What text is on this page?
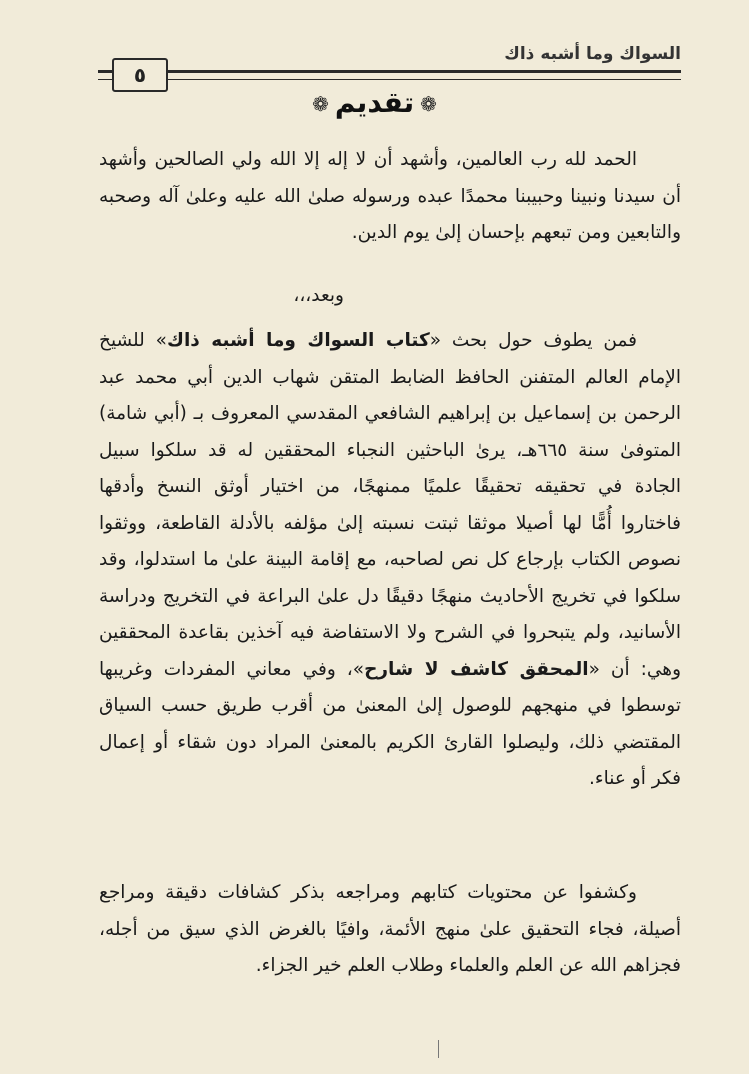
السواك وما أشبه ذاك
٥
❁تقديم❁

الحمد لله رب العالمين، وأشهد أن لا إله إلا الله ولي الصالحين وأشهد أن سيدنا ونبينا وحبيبنا محمدًا عبده ورسوله صلىٰ الله عليه وعلىٰ آله وصحبه والتابعين ومن تبعهم بإحسان إلىٰ يوم الدين.

وبعد،،،

فمن يطوف حول بحث «كتاب السواك وما أشبه ذاك» للشيخ الإمام العالم المتفنن الحافظ الضابط المتقن شهاب الدين أبي محمد عبد الرحمن بن إسماعيل بن إبراهيم الشافعي المقدسي المعروف بـ (أبي شامة) المتوفىٰ سنة ٦٦٥هـ، يرىٰ الباحثين النجباء المحققين له قد سلكوا سبيل الجادة في تحقيقه تحقيقًا علميًا ممنهجًا، من اختيار أوثق النسخ وأدقها فاختاروا أُمًّا لها أصيلا موثقا ثبتت نسبته إلىٰ مؤلفه بالأدلة القاطعة، ووثقوا نصوص الكتاب بإرجاع كل نص لصاحبه، مع إقامة البينة علىٰ ما استدلوا، وقد سلكوا في تخريج الأحاديث منهجًا دقيقًا دل علىٰ البراعة في التخريج ودراسة الأسانيد، ولم يتبحروا في الشرح ولا الاستفاضة فيه آخذين بقاعدة المحققين وهي: أن «المحقق كاشف لا شارح»، وفي معاني المفردات وغريبها توسطوا في منهجهم للوصول إلىٰ المعنىٰ من أقرب طريق حسب السياق المقتضي ذلك، وليصلوا القارئ الكريم بالمعنىٰ المراد دون شقاء أو إعمال فكر أو عناء.

وكشفوا عن محتويات كتابهم ومراجعه بذكر كشافات دقيقة ومراجع أصيلة، فجاء التحقيق علىٰ منهج الأئمة، وافيًا بالغرض الذي سيق من أجله، فجزاهم الله عن العلم والعلماء وطلاب العلم خير الجزاء.
